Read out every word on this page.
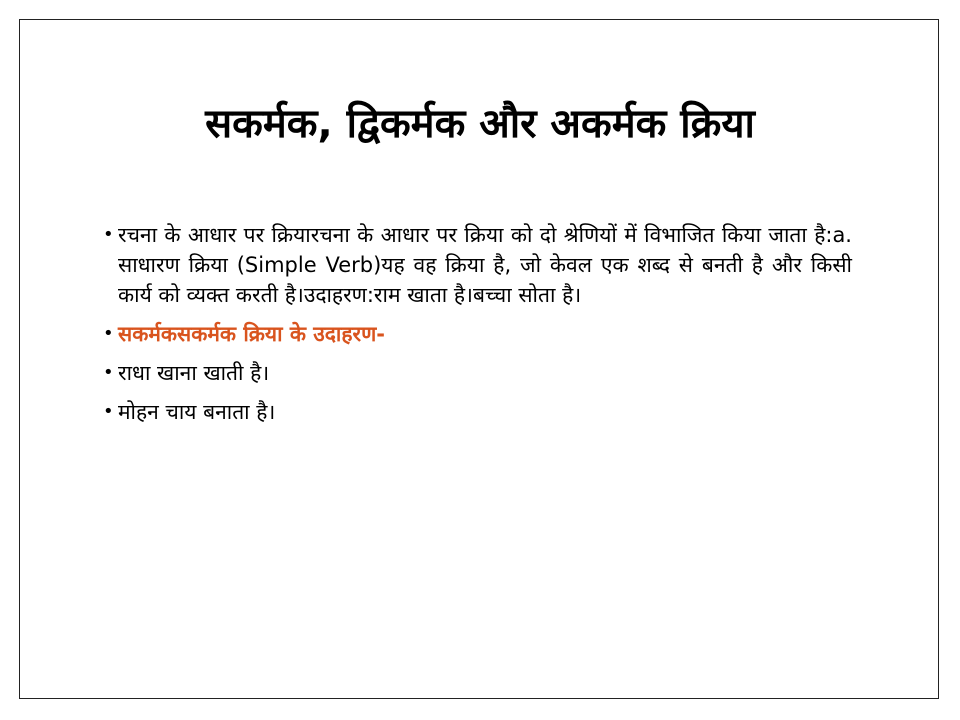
सकर्मक, द्विकर्मक और अकर्मक क्रिया
• रचना के आधार पर क्रियारचना के आधार पर क्रिया को दो श्रेणियों में विभाजित किया जाता है:a. साधारण क्रिया (Simple Verb)यह वह क्रिया है, जो केवल एक शब्द से बनती है और किसी कार्य को व्यक्त करती है।उदाहरण:राम खाता है।बच्चा सोता है।
• सकर्मकसकर्मक क्रिया के उदाहरण-
• राधा खाना खाती है।
• मोहन चाय बनाता है।
